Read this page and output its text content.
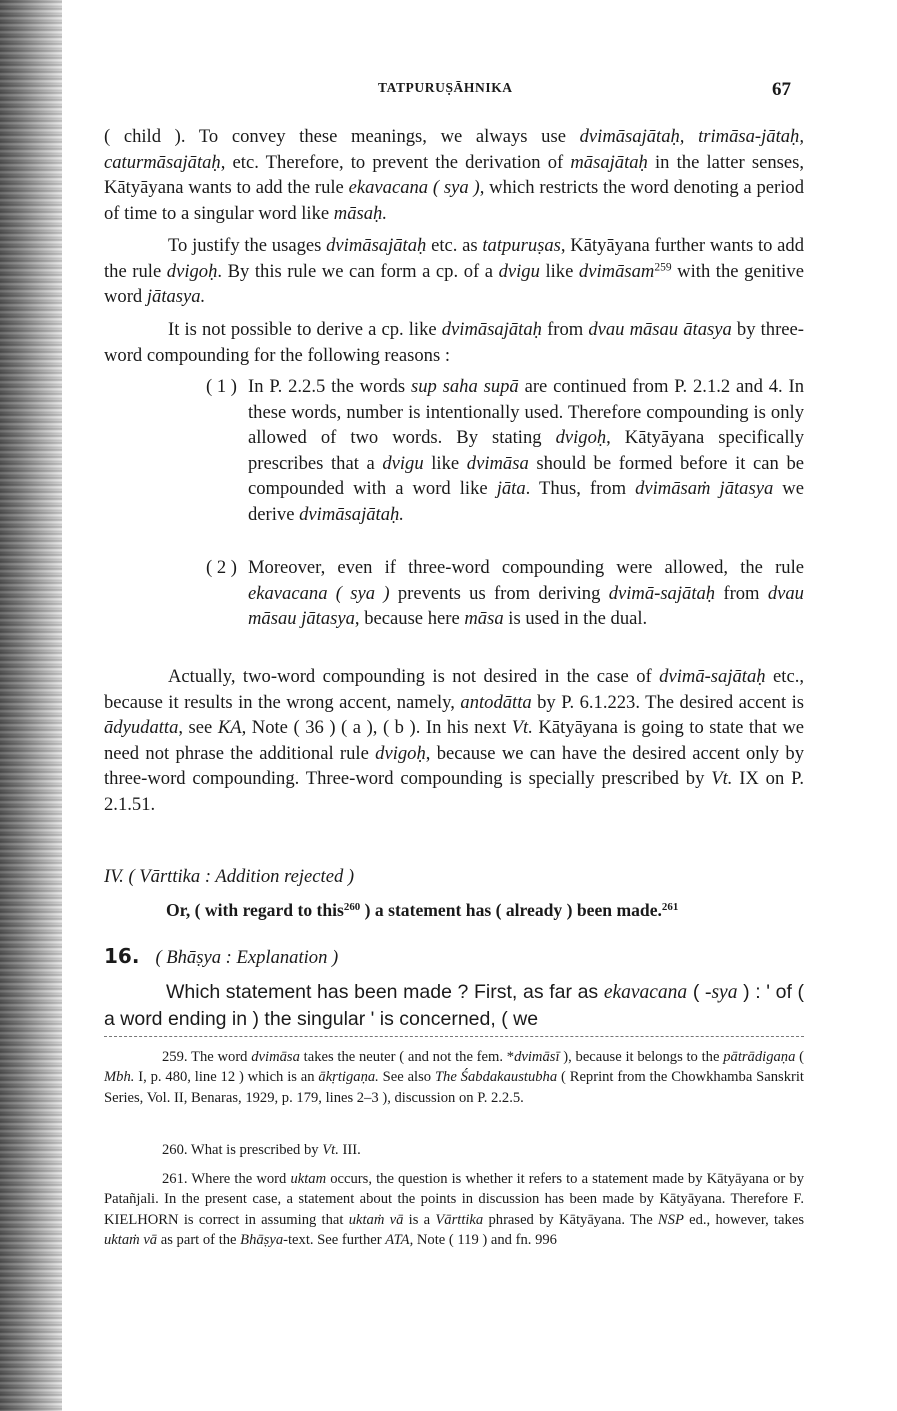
TATPURUṢĀHNIKA	67

( child ). To convey these meanings, we always use dvimāsajātaḥ, trimāsa-jātaḥ, caturmāsajātaḥ, etc. Therefore, to prevent the derivation of māsajātaḥ in the latter senses, Kātyāyana wants to add the rule ekavacana ( sya ), which restricts the word denoting a period of time to a singular word like māsaḥ.

To justify the usages dvimāsajātaḥ etc. as tatpuruṣas, Kātyāyana further wants to add the rule dvigoḥ. By this rule we can form a cp. of a dvigu like dvimāsam$^{259}$ with the genitive word jātasya.

It is not possible to derive a cp. like dvimāsajātaḥ from dvau māsau ātasya by three-word compounding for the following reasons :

( 1 ) In P. 2.2.5 the words sup saha supā are continued from P. 2.1.2 and 4. In these words, number is intentionally used. Therefore compounding is only allowed of two words. By stating dvigoḥ, Kātyāyana specifically prescribes that a dvigu like dvimāsa should be formed before it can be compounded with a word like jāta. Thus, from dvimāsaṁ jātasya we derive dvimāsajātaḥ.

( 2 ) Moreover, even if three-word compounding were allowed, the rule ekavacana ( sya ) prevents us from deriving dvimā-sajātaḥ from dvau māsau jātasya, because here māsa is used in the dual.

Actually, two-word compounding is not desired in the case of dvimā-sajātaḥ etc., because it results in the wrong accent, namely, antodātta by P. 6.1.223. The desired accent is ādyudatta, see KA, Note ( 36 ) ( a ), ( b ). In his next Vt. Kātyāyana is going to state that we need not phrase the additional rule dvigoḥ, because we can have the desired accent only by three-word compounding. Three-word compounding is specially prescribed by Vt. IX on P. 2.1.51.

IV. ( Vārttika : Addition rejected )
Or, ( with regard to this$^{260}$ ) a statement has ( already ) been made.$^{261}$
16. ( Bhāṣya : Explanation )

Which statement has been made ? First, as far as ekavacana ( -sya ) : ' of ( a word ending in ) the singular ' is concerned, ( we

259. The word dvimāsa takes the neuter ( and not the fem. *dvimāsī ), because it belongs to the pātrādigaṇa ( Mbh. I, p. 480, line 12 ) which is an ākṛtigaṇa. See also The Śabdakaustubha ( Reprint from the Chowkhamba Sanskrit Series, Vol. II, Benaras, 1929, p. 179, lines 2–3 ), discussion on P. 2.2.5.

260. What is prescribed by Vt. III.

261. Where the word uktam occurs, the question is whether it refers to a statement made by Kātyāyana or by Patañjali. In the present case, a statement about the points in discussion has been made by Kātyāyana. Therefore F. KIELHORN is correct in assuming that uktaṁ vā is a Vārttika phrased by Kātyāyana. The NSP ed., however, takes uktaṁ vā as part of the Bhāṣya-text. See further ATA, Note ( 119 ) and fn. 996
